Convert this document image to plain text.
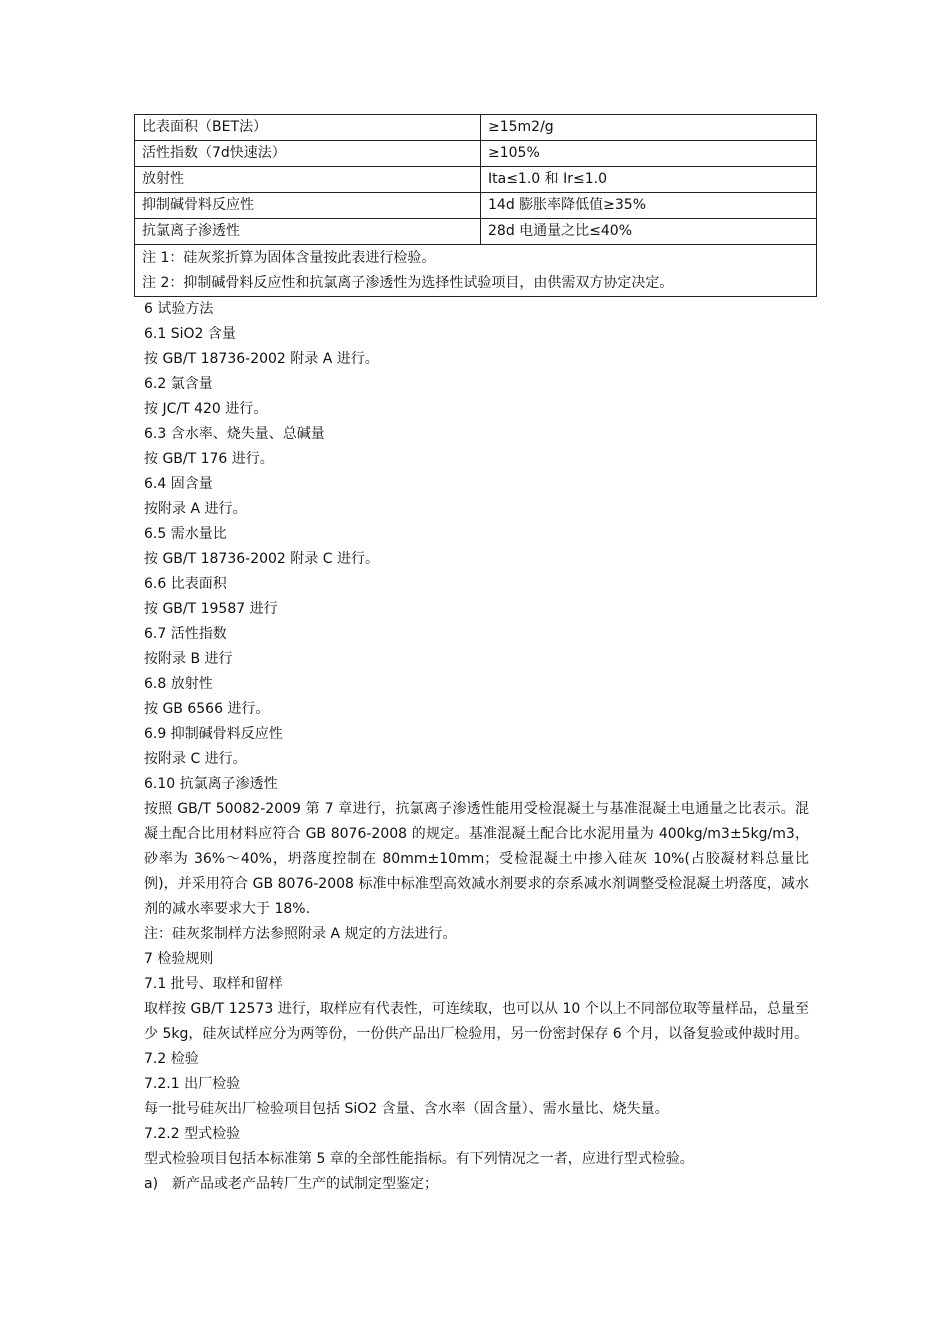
比表面积（BET法）	≥15m2/g
活性指数（7d快速法）	≥105%
放射性	Ita≤1.0 和 Ir≤1.0
抑制碱骨料反应性	14d 膨胀率降低值≥35%
抗氯离子渗透性	28d 电通量之比≤40%

注 1：硅灰浆折算为固体含量按此表进行检验。
注 2：抑制碱骨料反应性和抗氯离子渗透性为选择性试验项目，由供需双方协定决定。	
6 试验方法
6.1 SiO2 含量
按 GB/T 18736-2002 附录 A 进行。
6.2 氯含量
按 JC/T 420 进行。
6.3 含水率、烧失量、总碱量
按 GB/T 176 进行。
6.4 固含量
按附录 A 进行。
6.5 需水量比
按 GB/T 18736-2002 附录 C 进行。
6.6 比表面积
按 GB/T 19587 进行
6.7 活性指数
按附录 B 进行
6.8 放射性
按 GB 6566 进行。
6.9 抑制碱骨料反应性
按附录 C 进行。
6.10 抗氯离子渗透性
按照 GB/T 50082-2009 第 7 章进行，抗氯离子渗透性能用受检混凝土与基准混凝土电通量之比表示。混凝土配合比用材料应符合 GB 8076-2008 的规定。基准混凝土配合比水泥用量为 400kg/m3±5kg/m3，砂率为 36%～40%，坍落度控制在 80mm±10mm；受检混凝土中掺入硅灰 10%(占胶凝材料总量比例)，并采用符合 GB 8076-2008 标准中标准型高效减水剂要求的奈系减水剂调整受检混凝土坍落度，减水剂的减水率要求大于 18%.
注：硅灰浆制样方法参照附录 A 规定的方法进行。
7 检验规则
7.1 批号、取样和留样
取样按 GB/T 12573 进行，取样应有代表性，可连续取，也可以从 10 个以上不同部位取等量样品，总量至少 5kg，硅灰试样应分为两等份，一份供产品出厂检验用，另一份密封保存 6 个月，以备复验或仲裁时用。
7.2 检验
7.2.1 出厂检验
每一批号硅灰出厂检验项目包括 SiO2 含量、含水率（固含量）、需水量比、烧失量。
7.2.2 型式检验
型式检验项目包括本标准第 5 章的全部性能指标。有下列情况之一者，应进行型式检验。
a) 新产品或老产品转厂生产的试制定型鉴定；
